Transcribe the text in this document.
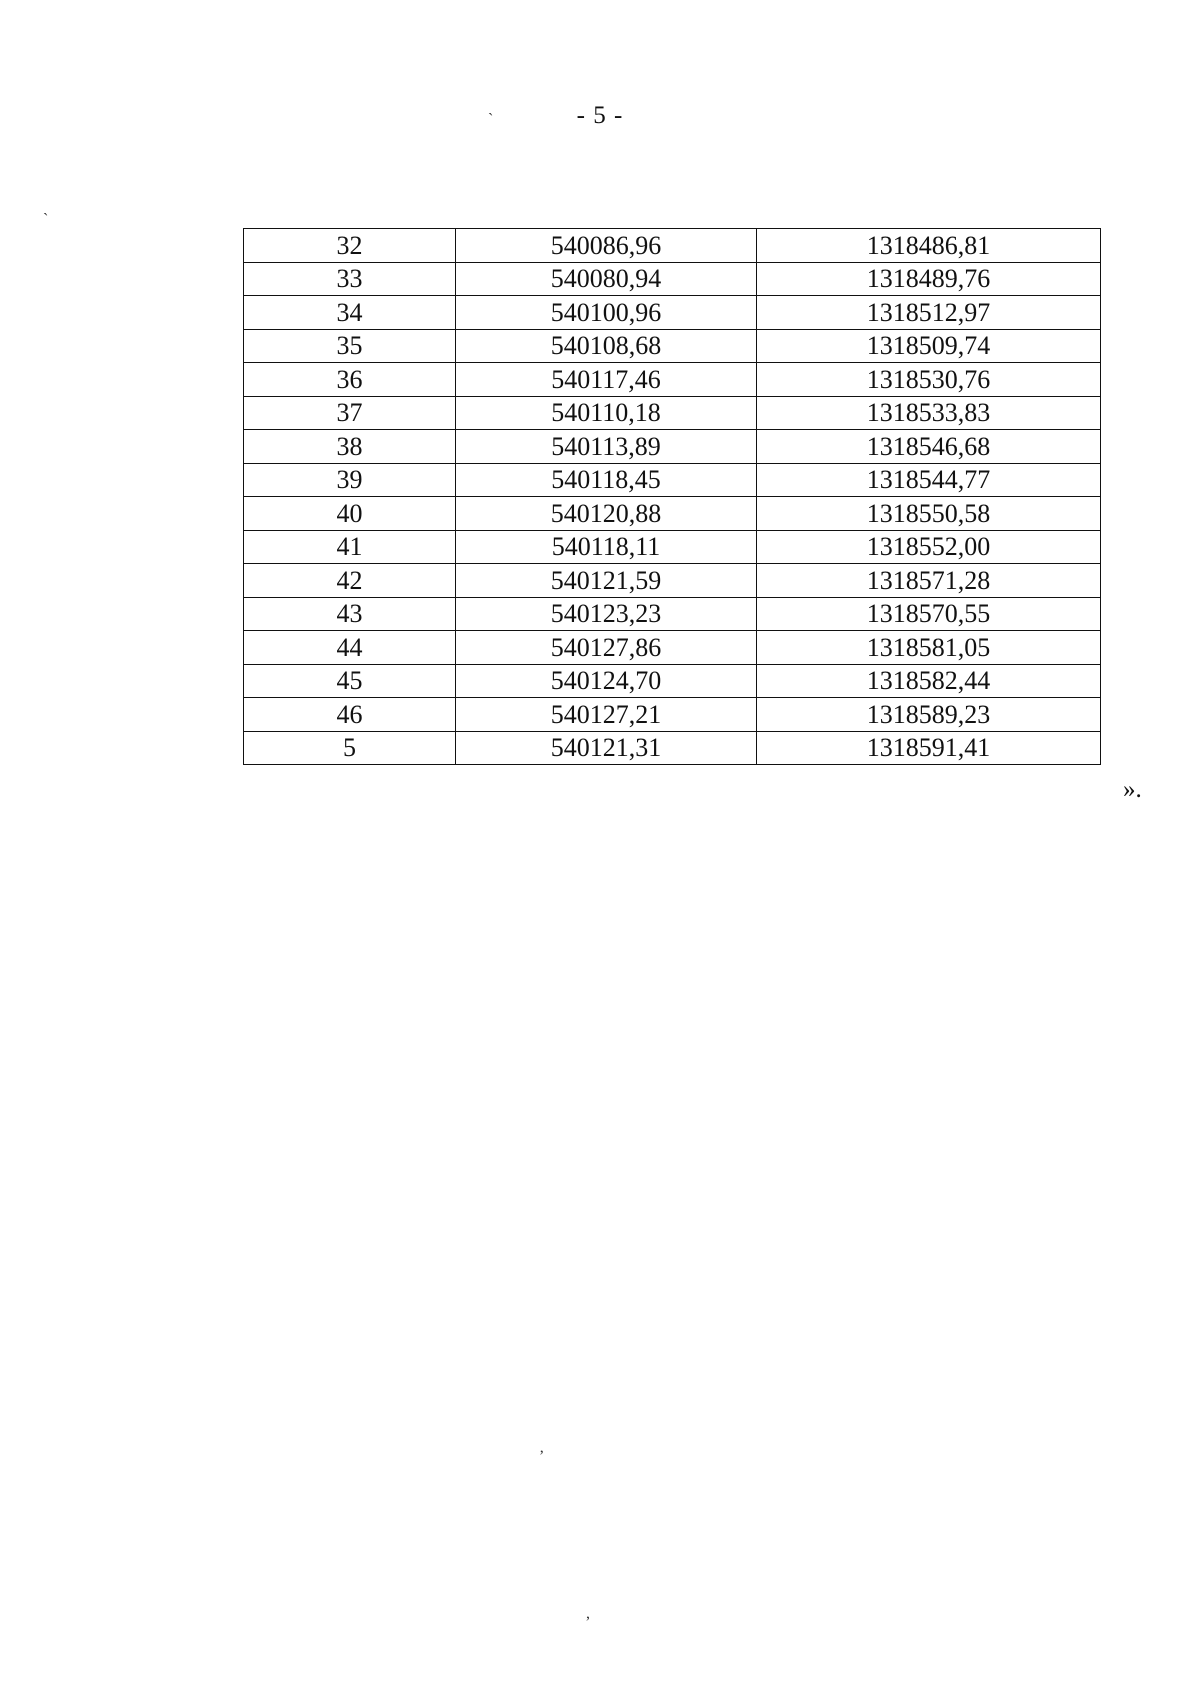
- 5 -
`
`
‚
,
32	540086,96	1318486,81
33	540080,94	1318489,76
34	540100,96	1318512,97
35	540108,68	1318509,74
36	540117,46	1318530,76
37	540110,18	1318533,83
38	540113,89	1318546,68
39	540118,45	1318544,77
40	540120,88	1318550,58
41	540118,11	1318552,00
42	540121,59	1318571,28
43	540123,23	1318570,55
44	540127,86	1318581,05
45	540124,70	1318582,44
46	540127,21	1318589,23
5	540121,31	1318591,41
».
